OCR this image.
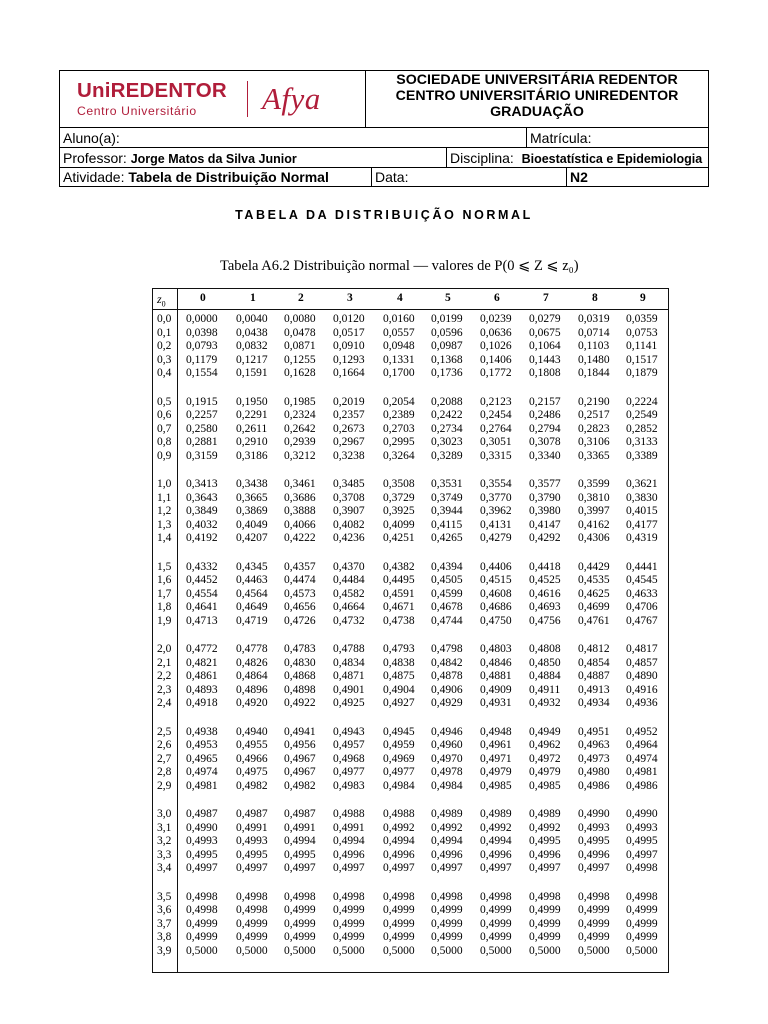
UniREDENTOR
Centro Universitário	Afya
SOCIEDADE UNIVERSITÁRIA REDENTOR
CENTRO UNIVERSITÁRIO UNIREDENTOR
GRADUAÇÃO
Aluno(a):	Matrícula:
Professor: Jorge Matos da Silva Junior	Disciplina: Bioestatística e Epidemiologia
Atividade: Tabela de Distribuição Normal	Data:	N2
TABELA DA DISTRIBUIÇÃO NORMAL
Tabela A6.2 Distribuição normal — valores de P(0 ⩽ Z ⩽ z₀)
$z_0$	0	1	2	3	4	5	6	7	8	9
0,0 0,0000 0,0040 0,0080 0,0120 0,0160 0,0199 0,0239 0,0279 0,0319 0,0359
0,1 0,0398 0,0438 0,0478 0,0517 0,0557 0,0596 0,0636 0,0675 0,0714 0,0753
0,2 0,0793 0,0832 0,0871 0,0910 0,0948 0,0987 0,1026 0,1064 0,1103 0,1141
0,3 0,1179 0,1217 0,1255 0,1293 0,1331 0,1368 0,1406 0,1443 0,1480 0,1517
0,4 0,1554 0,1591 0,1628 0,1664 0,1700 0,1736 0,1772 0,1808 0,1844 0,1879
0,5 0,1915 0,1950 0,1985 0,2019 0,2054 0,2088 0,2123 0,2157 0,2190 0,2224
0,6 0,2257 0,2291 0,2324 0,2357 0,2389 0,2422 0,2454 0,2486 0,2517 0,2549
0,7 0,2580 0,2611 0,2642 0,2673 0,2703 0,2734 0,2764 0,2794 0,2823 0,2852
0,8 0,2881 0,2910 0,2939 0,2967 0,2995 0,3023 0,3051 0,3078 0,3106 0,3133
0,9 0,3159 0,3186 0,3212 0,3238 0,3264 0,3289 0,3315 0,3340 0,3365 0,3389
1,0 0,3413 0,3438 0,3461 0,3485 0,3508 0,3531 0,3554 0,3577 0,3599 0,3621
1,1 0,3643 0,3665 0,3686 0,3708 0,3729 0,3749 0,3770 0,3790 0,3810 0,3830
1,2 0,3849 0,3869 0,3888 0,3907 0,3925 0,3944 0,3962 0,3980 0,3997 0,4015
1,3 0,4032 0,4049 0,4066 0,4082 0,4099 0,4115 0,4131 0,4147 0,4162 0,4177
1,4 0,4192 0,4207 0,4222 0,4236 0,4251 0,4265 0,4279 0,4292 0,4306 0,4319
1,5 0,4332 0,4345 0,4357 0,4370 0,4382 0,4394 0,4406 0,4418 0,4429 0,4441
1,6 0,4452 0,4463 0,4474 0,4484 0,4495 0,4505 0,4515 0,4525 0,4535 0,4545
1,7 0,4554 0,4564 0,4573 0,4582 0,4591 0,4599 0,4608 0,4616 0,4625 0,4633
1,8 0,4641 0,4649 0,4656 0,4664 0,4671 0,4678 0,4686 0,4693 0,4699 0,4706
1,9 0,4713 0,4719 0,4726 0,4732 0,4738 0,4744 0,4750 0,4756 0,4761 0,4767
2,0 0,4772 0,4778 0,4783 0,4788 0,4793 0,4798 0,4803 0,4808 0,4812 0,4817
2,1 0,4821 0,4826 0,4830 0,4834 0,4838 0,4842 0,4846 0,4850 0,4854 0,4857
2,2 0,4861 0,4864 0,4868 0,4871 0,4875 0,4878 0,4881 0,4884 0,4887 0,4890
2,3 0,4893 0,4896 0,4898 0,4901 0,4904 0,4906 0,4909 0,4911 0,4913 0,4916
2,4 0,4918 0,4920 0,4922 0,4925 0,4927 0,4929 0,4931 0,4932 0,4934 0,4936
2,5 0,4938 0,4940 0,4941 0,4943 0,4945 0,4946 0,4948 0,4949 0,4951 0,4952
2,6 0,4953 0,4955 0,4956 0,4957 0,4959 0,4960 0,4961 0,4962 0,4963 0,4964
2,7 0,4965 0,4966 0,4967 0,4968 0,4969 0,4970 0,4971 0,4972 0,4973 0,4974
2,8 0,4974 0,4975 0,4967 0,4977 0,4977 0,4978 0,4979 0,4979 0,4980 0,4981
2,9 0,4981 0,4982 0,4982 0,4983 0,4984 0,4984 0,4985 0,4985 0,4986 0,4986
3,0 0,4987 0,4987 0,4987 0,4988 0,4988 0,4989 0,4989 0,4989 0,4990 0,4990
3,1 0,4990 0,4991 0,4991 0,4991 0,4992 0,4992 0,4992 0,4992 0,4993 0,4993
3,2 0,4993 0,4993 0,4994 0,4994 0,4994 0,4994 0,4994 0,4995 0,4995 0,4995
3,3 0,4995 0,4995 0,4995 0,4996 0,4996 0,4996 0,4996 0,4996 0,4996 0,4997
3,4 0,4997 0,4997 0,4997 0,4997 0,4997 0,4997 0,4997 0,4997 0,4997 0,4998
3,5 0,4998 0,4998 0,4998 0,4998 0,4998 0,4998 0,4998 0,4998 0,4998 0,4998
3,6 0,4998 0,4998 0,4999 0,4999 0,4999 0,4999 0,4999 0,4999 0,4999 0,4999
3,7 0,4999 0,4999 0,4999 0,4999 0,4999 0,4999 0,4999 0,4999 0,4999 0,4999
3,8 0,4999 0,4999 0,4999 0,4999 0,4999 0,4999 0,4999 0,4999 0,4999 0,4999
3,9 0,5000 0,5000 0,5000 0,5000 0,5000 0,5000 0,5000 0,5000 0,5000 0,5000
